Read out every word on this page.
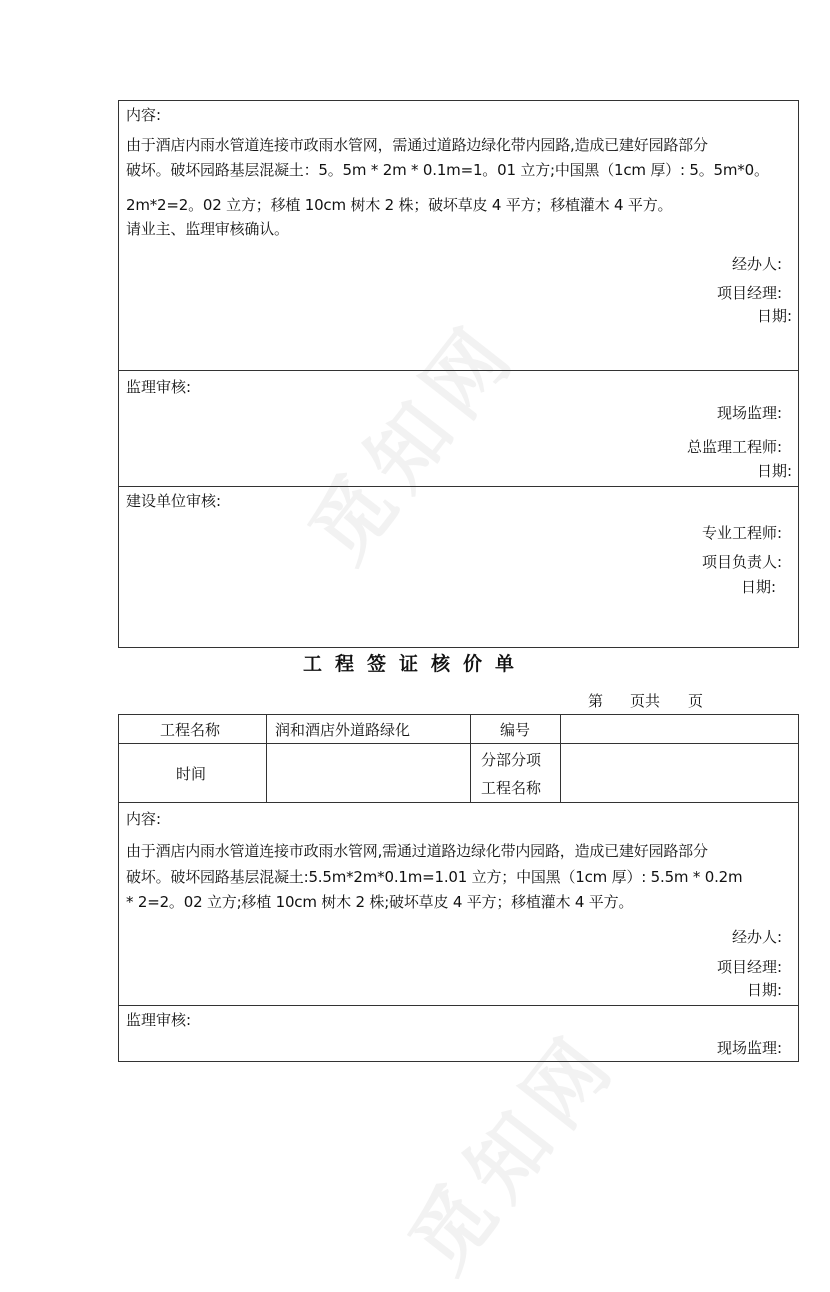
觅知网
觅知网
内容:
由于酒店内雨水管道连接市政雨水管网，需通过道路边绿化带内园路,造成已建好园路部分
破坏。破坏园路基层混凝土：5。5m * 2m * 0.1m=1。01 立方;中国黑（1cm 厚）: 5。5m*0。
2m*2=2。02 立方；移植 10cm 树木 2 株；破坏草皮 4 平方；移植灌木 4 平方。
请业主、监理审核确认。
经办人:
项目经理:
日期:
监理审核:
现场监理:
总监理工程师:
日期:
建设单位审核:
专业工程师:
项目负责人:
日期:
工程签证核价单
第 页共 页
工程名称	润和酒店外道路绿化	编号
时间
分部分项
工程名称
内容:
由于酒店内雨水管道连接市政雨水管网,需通过道路边绿化带内园路，造成已建好园路部分
破坏。破坏园路基层混凝土:5.5m*2m*0.1m=1.01 立方；中国黑（1cm 厚）: 5.5m * 0.2m
* 2=2。02 立方;移植 10cm 树木 2 株;破坏草皮 4 平方；移植灌木 4 平方。
经办人:
项目经理:
日期:
监理审核:
现场监理:
